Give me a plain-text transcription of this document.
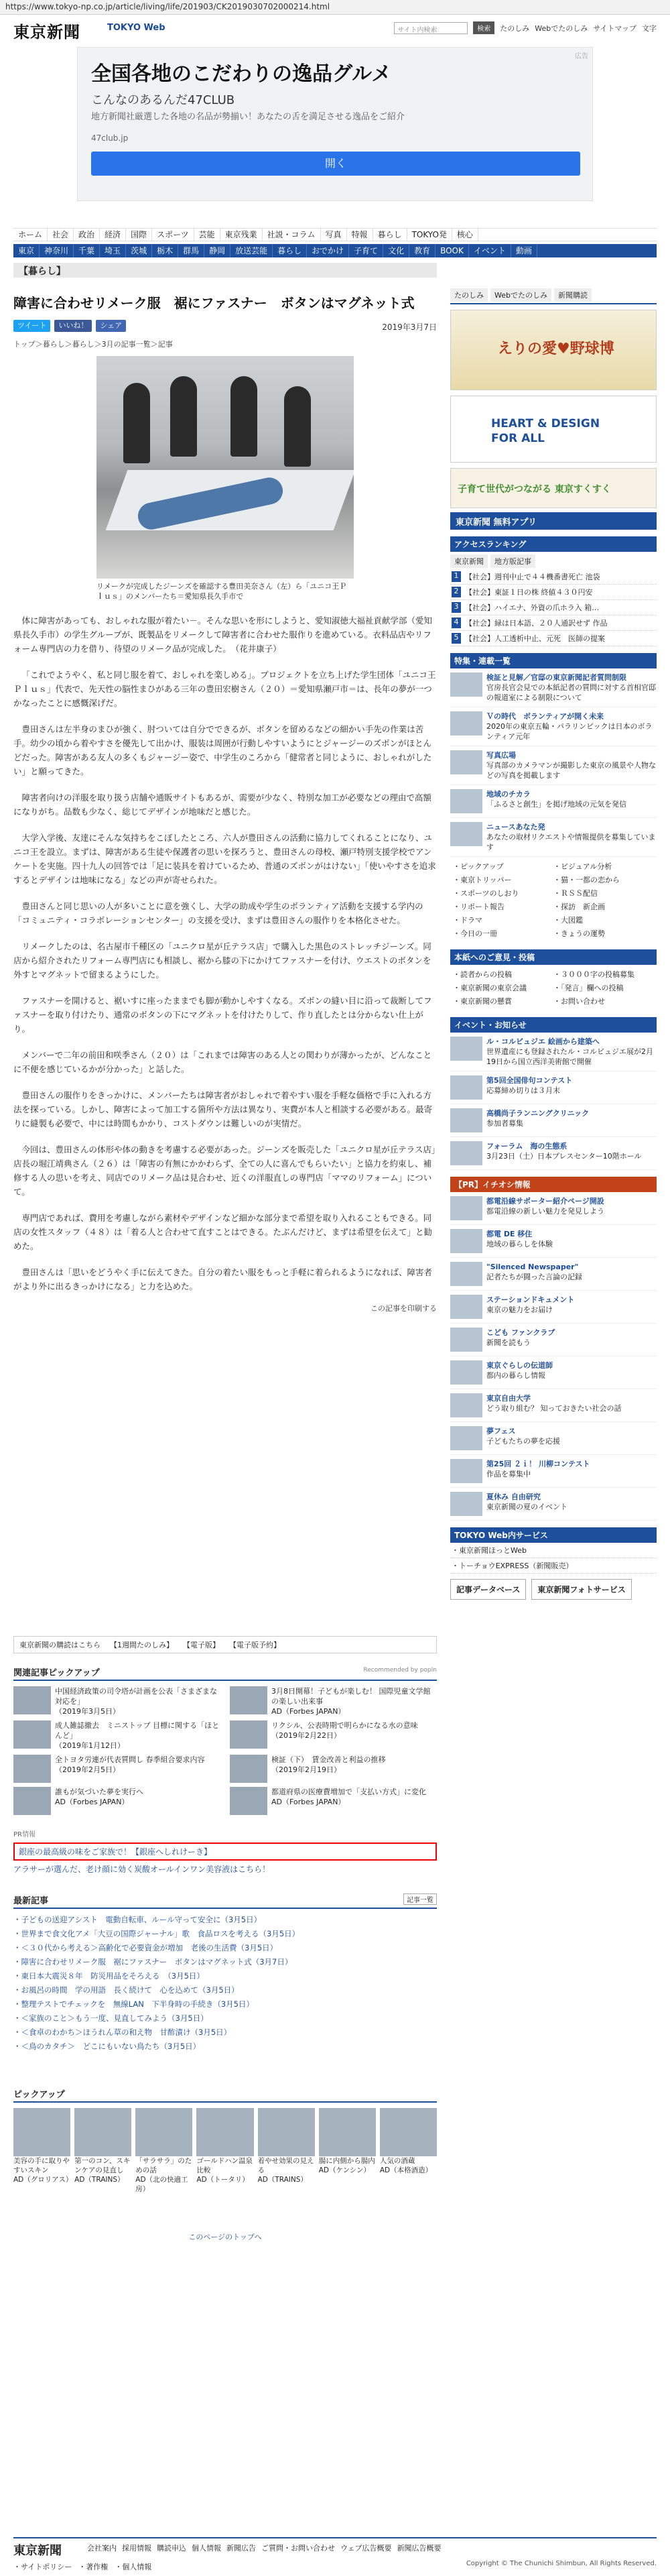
https://www.tokyo-np.co.jp/article/living/life/201903/CK2019030702000214.html
東京新聞	TOKYO Web	サイト内検索	検索	たのしみ Webでたのしみ サイトマップ 文字
広告
全国各地のこだわりの逸品グルメ
こんなのあるんだ47CLUB
地方新聞社厳選した各地の名品が勢揃い！あなたの舌を満足させる逸品をご紹介
47club.jp
開く
ホーム	社会	政治	経済	国際	スポーツ	芸能	東京残業	社説・コラム	写真	特報	暮らし	TOKYO発	核心
東京	神奈川	千葉	埼玉	茨城	栃木	群馬	静岡	放送芸能	暮らし	おでかけ	子育て	文化	教育	BOOK	イベント	動画
【暮らし】
障害に合わせリメーク服　裾にファスナー　ボタンはマグネット式
ツイート	いいね！	シェア	2019年3月7日
トップ＞暮らし＞暮らし＞3月の記事一覧＞記事
リメークが完成したジーンズを確認する豊田美奈さん（左）ら「ユニコ王Ｐｌｕｓ」のメンバーたち＝愛知県長久手市で

体に障害があっても、おしゃれな服が着たい－。そんな思いを形にしようと、愛知淑徳大福祉貢献学部（愛知県長久手市）の学生グループが、既製品をリメークして障害者に合わせた服作りを進めている。衣料品店やリフォーム専門店の力を借り、待望のリメーク品が完成した。　（花井康子）

「これでようやく、私と同じ服を着て、おしゃれを楽しめる」。プロジェクトを立ち上げた学生団体「ユニコ王Ｐｌｕｓ」代表で、先天性の脳性まひがある三年の豊田宏樹さん（２０）＝愛知県瀬戸市＝は、長年の夢が一つかなったことに感慨深げだ。

豊田さんは左半身のまひが強く、肘ついては自分でできるが、ボタンを留めるなどの細かい手先の作業は苦手。幼少の頃から着やすさを優先して出かけ、服装は周囲が行動しやすいようにとジャージーのズボンがほとんどだった。障害がある友人の多くもジャージー姿で、中学生のころから「健常者と同じように、おしゃれがしたい」と願ってきた。

障害者向けの洋服を取り扱う店舗や通販サイトもあるが、需要が少なく、特別な加工が必要などの理由で高額になりがち。品数も少なく、総じてデザインが地味だと感じた。

大学入学後、友達にそんな気持ちをこぼしたところ、六人が豊田さんの活動に協力してくれることになり、ユニコ王を設立。まずは、障害がある生徒や保護者の思いを探ろうと、豊田さんの母校、瀬戸特別支援学校でアンケートを実施。四十九人の回答では「足に装具を着けているため、普通のズボンがはけない」「使いやすさを追求するとデザインは地味になる」などの声が寄せられた。

豊田さんと同じ思いの人が多いことに意を強くし、大学の助成や学生のボランティア活動を支援する学内の「コミュニティ・コラボレーションセンター」の支援を受け、まずは豊田さんの服作りを本格化させた。

リメークしたのは、名古屋市千種区の「ユニクロ星が丘テラス店」で購入した黒色のストレッチジーンズ。同店から紹介されたリフォーム専門店にも相談し、裾から膝の下にかけてファスナーを付け、ウエストのボタンを外すとマグネットで留まるようにした。

ファスナーを開けると、裾いすに座ったままでも脚が動かしやすくなる。ズボンの縫い目に沿って裁断してファスナーを取り付けたり、通常のボタンの下にマグネットを付けたりして、作り直したとは分からない仕上がり。

メンバーで二年の前田和咲季さん（２０）は「これまでは障害のある人との関わりが薄かったが、どんなことに不便を感じているかが分かった」と話した。

豊田さんの服作りをきっかけに、メンバーたちは障害者がおしゃれで着やすい服を手軽な価格で手に入れる方法を探っている。しかし、障害によって加工する箇所や方法は異なり、実費が本人と相談する必要がある。最寄りに縫製も必要で、中には時間もかかり、コストダウンは難しいのが実情だ。

今回は、豊田さんの体形や体の動きを考慮する必要があった。ジーンズを販売した「ユニクロ星が丘テラス店」店長の堀江靖典さん（２６）は「障害の有無にかかわらず、全ての人に喜んでもらいたい」と協力を約束し、補修する人の思いを考え、同店でのリメーク品は見合わせ、近くの洋服直しの専門店「ママのリフォーム」について。

専門店であれば、費用を考慮しながら素材やデザインなど細かな部分まで希望を取り入れることもできる。同店の女性スタッフ（４８）は「着る人と合わせて直すことはできる。たぶんだけど、まずは希望を伝えて」と勧めた。

豊田さんは「思いをどうやく手に伝えてきた。自分の着たい服をもっと手軽に着られるようになれば、障害者がより外に出るきっかけになる」と力を込めた。

この記事を印刷する
たのしみ	Webでたのしみ	新聞購読
えりの愛♥野球博
HEART & DESIGN FOR ALL
子育て世代がつながる 東京すくすく
東京新聞 無料アプリ
アクセスランキング
東京新聞	地方版記事
1 【社会】週刊中止で４４機番書死亡 池袋
2 【社会】東証１日の株 終値４３０円安
3 【社会】ハイエナ、外資の爪ホラ入 箱…
4 【社会】緑は日本語、２０人通訳せず 作品
5 【社会】人工透析中止、元死　医師の提案
特集・連載一覧
検証と見解／官邸の東京新聞記者質問制限
官房長官会見での本紙記者の質問に対する首相官邸の報道室による制限について
Ｖの時代　ボランティアが開く未来
2020年の東京五輪・パラリンピックは日本のボランティア元年
写真広場
写真部のカメラマンが撮影した東京の風景や人物などの写真を掲載します
地域のチカラ
「ふるさと創生」を掲げ地域の元気を発信
ニュースあなた発
あなたの取材リクエストや情報提供を募集しています
・ピックアップ	・ビジュアル分析
・東京トリッパー	・猫・一都の恋から
・スポーツのしおり	・ＲＳＳ配信
・リポート報告	・探訪　新企画
・ドラマ	・大図鑑
・今日の一冊	・きょうの運勢
本紙へのご意見・投稿
・読者からの投稿	・３０００字の投稿募集
・東京新聞の東京会議	・「発言」欄への投稿
・東京新聞の懸賞	・お問い合わせ
イベント・お知らせ
ル・コルビュジエ 絵画から建築へ
世界遺産にも登録されたル・コルビュジエ展が2月19日から国立西洋美術館で開催
第5回全国俳句コンテスト
応募締め切りは３月末
高橋尚子ランニングクリニック
参加者募集
フォーラム　海の生態系
3月23日（土）日本プレスセンター10階ホール
【PR】イチオシ情報
都電沿線サポーター紹介ページ開設
都電沿線の新しい魅力を発見しよう
都電 DE 移住
地域の暮らしを体験
"Silenced Newspaper"
記者たちが闘った言論の記録
ステーションドキュメント
東京の魅力をお届け
こども ファンクラブ
新聞を読もう
東京ぐらしの伝道師
都内の暮らし情報
東京自由大学
どう取り組む？ 知っておきたい社会の話
夢フェス
子どもたちの夢を応援
第25回 ２ｉ！ 川柳コンテスト
作品を募集中
夏休み 自由研究
東京新聞の夏のイベント
TOKYO Web内サービス
・東京新聞ほっとWeb
・トーチョウEXPRESS（新聞販売）
記事データベース	東京新聞フォトサービス
東京新聞の購読はこちら 【1週間たのしみ】 【電子版】 【電子版予約】
関連記事ピックアップ	Recommended by popIn
中国経済政策の司令塔が計画を公表「さまざまな対応を」
（2019年3月5日）
3月8日開幕！子どもが楽しむ！ 国際児童文学館の楽しい出来事
AD（Forbes JAPAN）
成人雑誌撤去　ミニストップ 目標に関する「ほとんど」
（2019年1月12日）
リクシル、公表時期で明らかになる水の意味
（2019年2月22日）
全トヨタ労連が代表質問し 春季組合要求内容
（2019年2月5日）
検証（下）　賃金改善と利益の推移
（2019年2月19日）
誰もが気づいた夢を実行へ
AD（Forbes JAPAN）
都道府県の医療費増加で「支払い方式」に変化
AD（Forbes JAPAN）
PR情報
銀座の最高級の味をご家族で！【銀座へしれけーき】
アラサーが選んだ、老け顔に効く炭酸オールインワン美容液はこちら！
最新記事	記事一覧
・子どもの送迎アシスト　電動自転車、ルール守って安全に（3月5日）
・世界まで食文化アメ「大豆の国際ジャーナル」歌　食品ロスを考える（3月5日）
・＜３０代から考える＞高齢化で必要資金が増加　老後の生活費（3月5日）
・障害に合わせリメーク服　裾にファスナー　ボタンはマグネット式（3月7日）
・東日本大震災８年　防災用品をそろえる　（3月5日）
・お風呂の時間　学の用語　長く続けて　心を込めて（3月5日）
・整理テストでチェックを　無線LAN　下半身時の手続き（3月5日）
・＜家族のこと＞もう一度、見直してみよう（3月5日）
・＜食卓のわかち＞ほうれん草の和え物　甘酢漬け（3月5日）
・＜鳥のカタチ＞　どこにもいない鳥たち（3月5日）
ピックアップ
美容の手に取りやすいスキン
AD（グロリアス）
第一のコン、スキンケアの見直し
AD（TRAINS）
「サラサラ」のための話
AD（北の快適工房）
ゴールドハン温泉比較
AD（トータリ）
着やせ効果の見える
AD（TRAINS）
腸に内側から腸内
AD（ケンシン）
人気の酒蔵
AD（本格酒造）
このページのトップへ
東京新聞	会社案内 採用情報 購読申込 個人情報 新聞広告 ご質問・お問い合わせ ウェブ広告概要 新聞広告概要
・サイトポリシー ・著作権 ・個人情報	Copyright © The Chunichi Shimbun, All Rights Reserved.
